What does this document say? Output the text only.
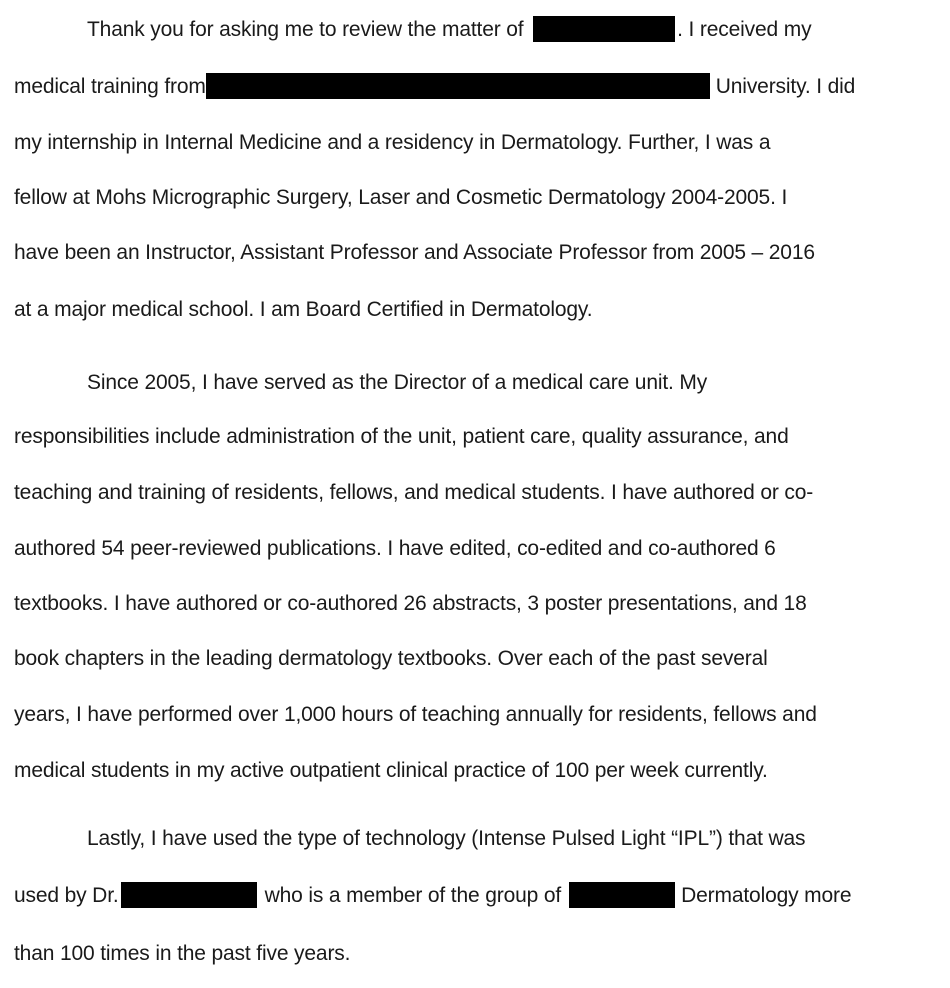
Thank you for asking me to review the matter of	. I received my
medical training from	University. I did
my internship in Internal Medicine and a residency in Dermatology. Further, I was a
fellow at Mohs Micrographic Surgery, Laser and Cosmetic Dermatology 2004-2005. I
have been an Instructor, Assistant Professor and Associate Professor from 2005 – 2016
at a major medical school. I am Board Certified in Dermatology.
Since 2005, I have served as the Director of a medical care unit. My
responsibilities include administration of the unit, patient care, quality assurance, and
teaching and training of residents, fellows, and medical students. I have authored or co-
authored 54 peer-reviewed publications. I have edited, co-edited and co-authored 6
textbooks. I have authored or co-authored 26 abstracts, 3 poster presentations, and 18
book chapters in the leading dermatology textbooks. Over each of the past several
years, I have performed over 1,000 hours of teaching annually for residents, fellows and
medical students in my active outpatient clinical practice of 100 per week currently.
Lastly, I have used the type of technology (Intense Pulsed Light “IPL”) that was
used by Dr.	who is a member of the group of	Dermatology more
than 100 times in the past five years.
